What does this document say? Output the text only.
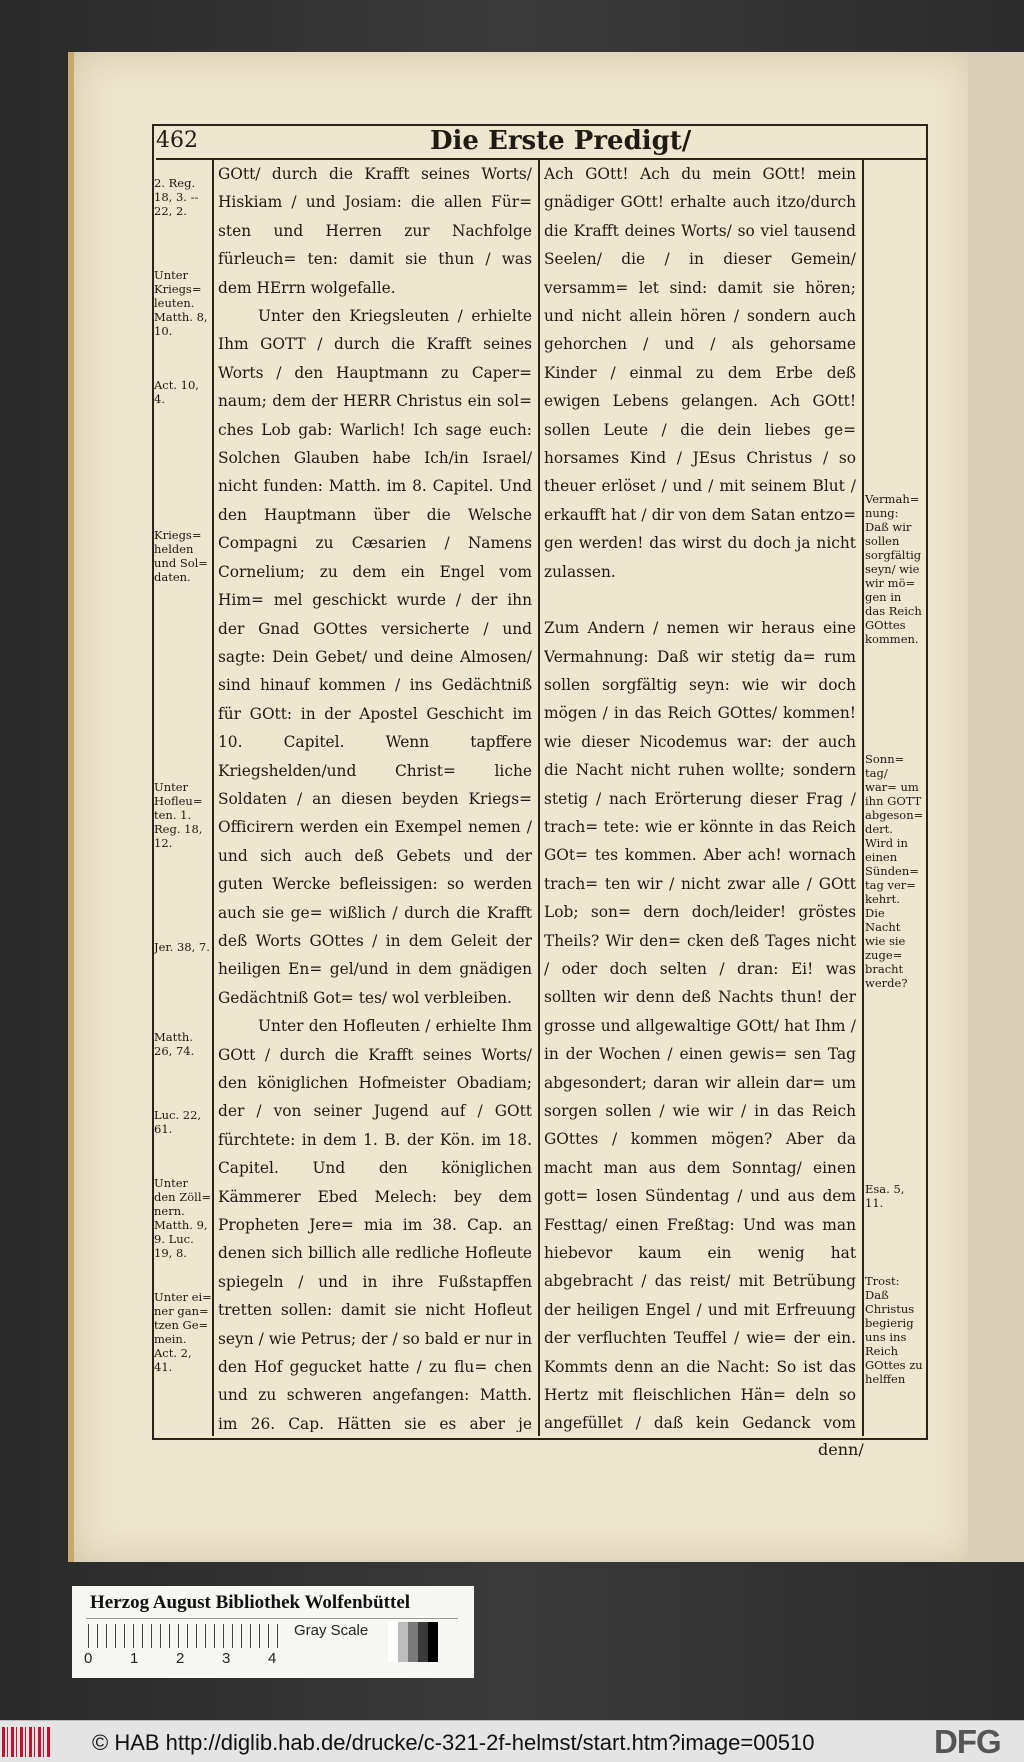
462	Die Erste Predigt/

GOtt/ durch die Krafft seines Worts/ Hiskiam / und Josiam: die allen Für= sten und Herren zur Nachfolge fürleuch= ten: damit sie thun / was dem HErrn wolgefalle.

Unter den Kriegsleuten / erhielte Ihm GOTT / durch die Krafft seines Worts / den Hauptmann zu Caper= naum; dem der HERR Christus ein sol= ches Lob gab: Warlich! Ich sage euch: Solchen Glauben habe Ich/in Israel/ nicht funden: Matth. im 8. Capitel. Und den Hauptmann über die Welsche Compagni zu Cæsarien / Namens Cornelium; zu dem ein Engel vom Him= mel geschickt wurde / der ihn der Gnad GOttes versicherte / und sagte: Dein Gebet/ und deine Almosen/ sind hinauf kommen / ins Gedächtniß für GOtt: in der Apostel Geschicht im 10. Capitel. Wenn tapffere Kriegshelden/und Christ= liche Soldaten / an diesen beyden Kriegs= Officirern werden ein Exempel nemen / und sich auch deß Gebets und der guten Wercke befleissigen: so werden auch sie ge= wißlich / durch die Krafft deß Worts GOttes / in dem Geleit der heiligen En= gel/und in dem gnädigen Gedächtniß Got= tes/ wol verbleiben.

Unter den Hofleuten / erhielte Ihm GOtt / durch die Krafft seines Worts/ den königlichen Hofmeister Obadiam; der / von seiner Jugend auf / GOtt fürchtete: in dem 1. B. der Kön. im 18. Capitel. Und den königlichen Kämmerer Ebed Melech: bey dem Propheten Jere= mia im 38. Cap. an denen sich billich alle redliche Hofleute spiegeln / und in ihre Fußstapffen tretten sollen: damit sie nicht Hofleut seyn / wie Petrus; der / so bald er nur in den Hof gegucket hatte / zu flu= chen und zu schweren angefangen: Matth. im 26. Cap. Hätten sie es aber je

Ach GOtt! Ach du mein GOtt! mein gnädiger GOtt! erhalte auch itzo/durch die Krafft deines Worts/ so viel tausend Seelen/ die / in dieser Gemein/ versamm= let sind: damit sie hören; und nicht allein hören / sondern auch gehorchen / und / als gehorsame Kinder / einmal zu dem Erbe deß ewigen Lebens gelangen. Ach GOtt! sollen Leute / die dein liebes ge= horsames Kind / JEsus Christus / so theuer erlöset / und / mit seinem Blut / erkaufft hat / dir von dem Satan entzo= gen werden! das wirst du doch ja nicht zulassen.

Zum Andern / nemen wir heraus eine Vermahnung: Daß wir stetig da= rum sollen sorgfältig seyn: wie wir doch mögen / in das Reich GOttes/ kommen! wie dieser Nicodemus war: der auch die Nacht nicht ruhen wollte; sondern stetig / nach Erörterung dieser Frag / trach= tete: wie er könnte in das Reich GOt= tes kommen. Aber ach! wornach trach= ten wir / nicht zwar alle / GOtt Lob; son= dern doch/leider! gröstes Theils? Wir den= cken deß Tages nicht / oder doch selten / dran: Ei! was sollten wir denn deß Nachts thun! der grosse und allgewaltige GOtt/ hat Ihm / in der Wochen / einen gewis= sen Tag abgesondert; daran wir allein dar= um sorgen sollen / wie wir / in das Reich GOttes / kommen mögen? Aber da macht man aus dem Sonntag/ einen gott= losen Sündentag / und aus dem Festtag/ einen Freßtag: Und was man hiebevor kaum ein wenig hat abgebracht / das reist/ mit Betrübung der heiligen Engel / und mit Erfreuung der verfluchten Teuffel / wie= der ein. Kommts denn an die Nacht: So ist das Hertz mit fleischlichen Hän= deln so angefüllet / daß kein Gedanck vom

2. Reg. 18, 3. -- 22, 2.
Unter Kriegs= leuten. Matth. 8, 10.
Act. 10, 4.
Kriegs= helden und Sol= daten.
Unter Hofleu= ten. 1. Reg. 18, 12.
Jer. 38, 7.
Matth. 26, 74.
Luc. 22, 61.
Unter den Zöll= nern. Matth. 9, 9. Luc. 19, 8.
Unter ei= ner gan= tzen Ge= mein. Act. 2, 41.
Vermah= nung: Daß wir sollen sorgfältig seyn/ wie wir mö= gen in das Reich GOttes kommen.
Sonn= tag/ war= um ihn GOTT abgeson= dert. Wird in einen Sünden= tag ver= kehrt. Die Nacht wie sie zuge= bracht werde?
Esa. 5, 11.
Trost: Daß Christus begierig uns ins Reich GOttes zu helffen
denn/
Herzog August Bibliothek Wolfenbüttel
0	1	2	3	4
Gray Scale
© HAB http://diglib.hab.de/drucke/c-321-2f-helmst/start.htm?image=00510	DFG
